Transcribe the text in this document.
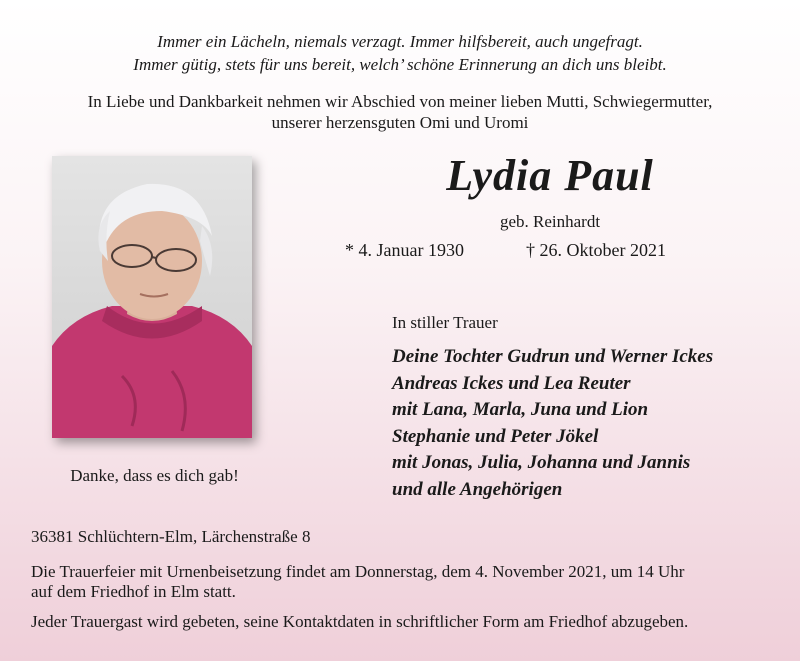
Immer ein Lächeln, niemals verzagt. Immer hilfsbereit, auch ungefragt.
Immer gütig, stets für uns bereit, welch’ schöne Erinnerung an dich uns bleibt.
In Liebe und Dankbarkeit nehmen wir Abschied von meiner lieben Mutti, Schwiegermutter,
unserer herzensguten Omi und Uromi
Lydia Paul
geb. Reinhardt
* 4. Januar 1930	† 26. Oktober 2021
In stiller Trauer
Deine Tochter Gudrun und Werner Ickes
Andreas Ickes und Lea Reuter
mit Lana, Marla, Juna und Lion
Stephanie und Peter Jökel
mit Jonas, Julia, Johanna und Jannis
und alle Angehörigen
Danke, dass es dich gab!
36381 Schlüchtern-Elm, Lärchenstraße 8
Die Trauerfeier mit Urnenbeisetzung findet am Donnerstag, dem 4. November 2021, um 14 Uhr
auf dem Friedhof in Elm statt.
Jeder Trauergast wird gebeten, seine Kontaktdaten in schriftlicher Form am Friedhof abzugeben.
